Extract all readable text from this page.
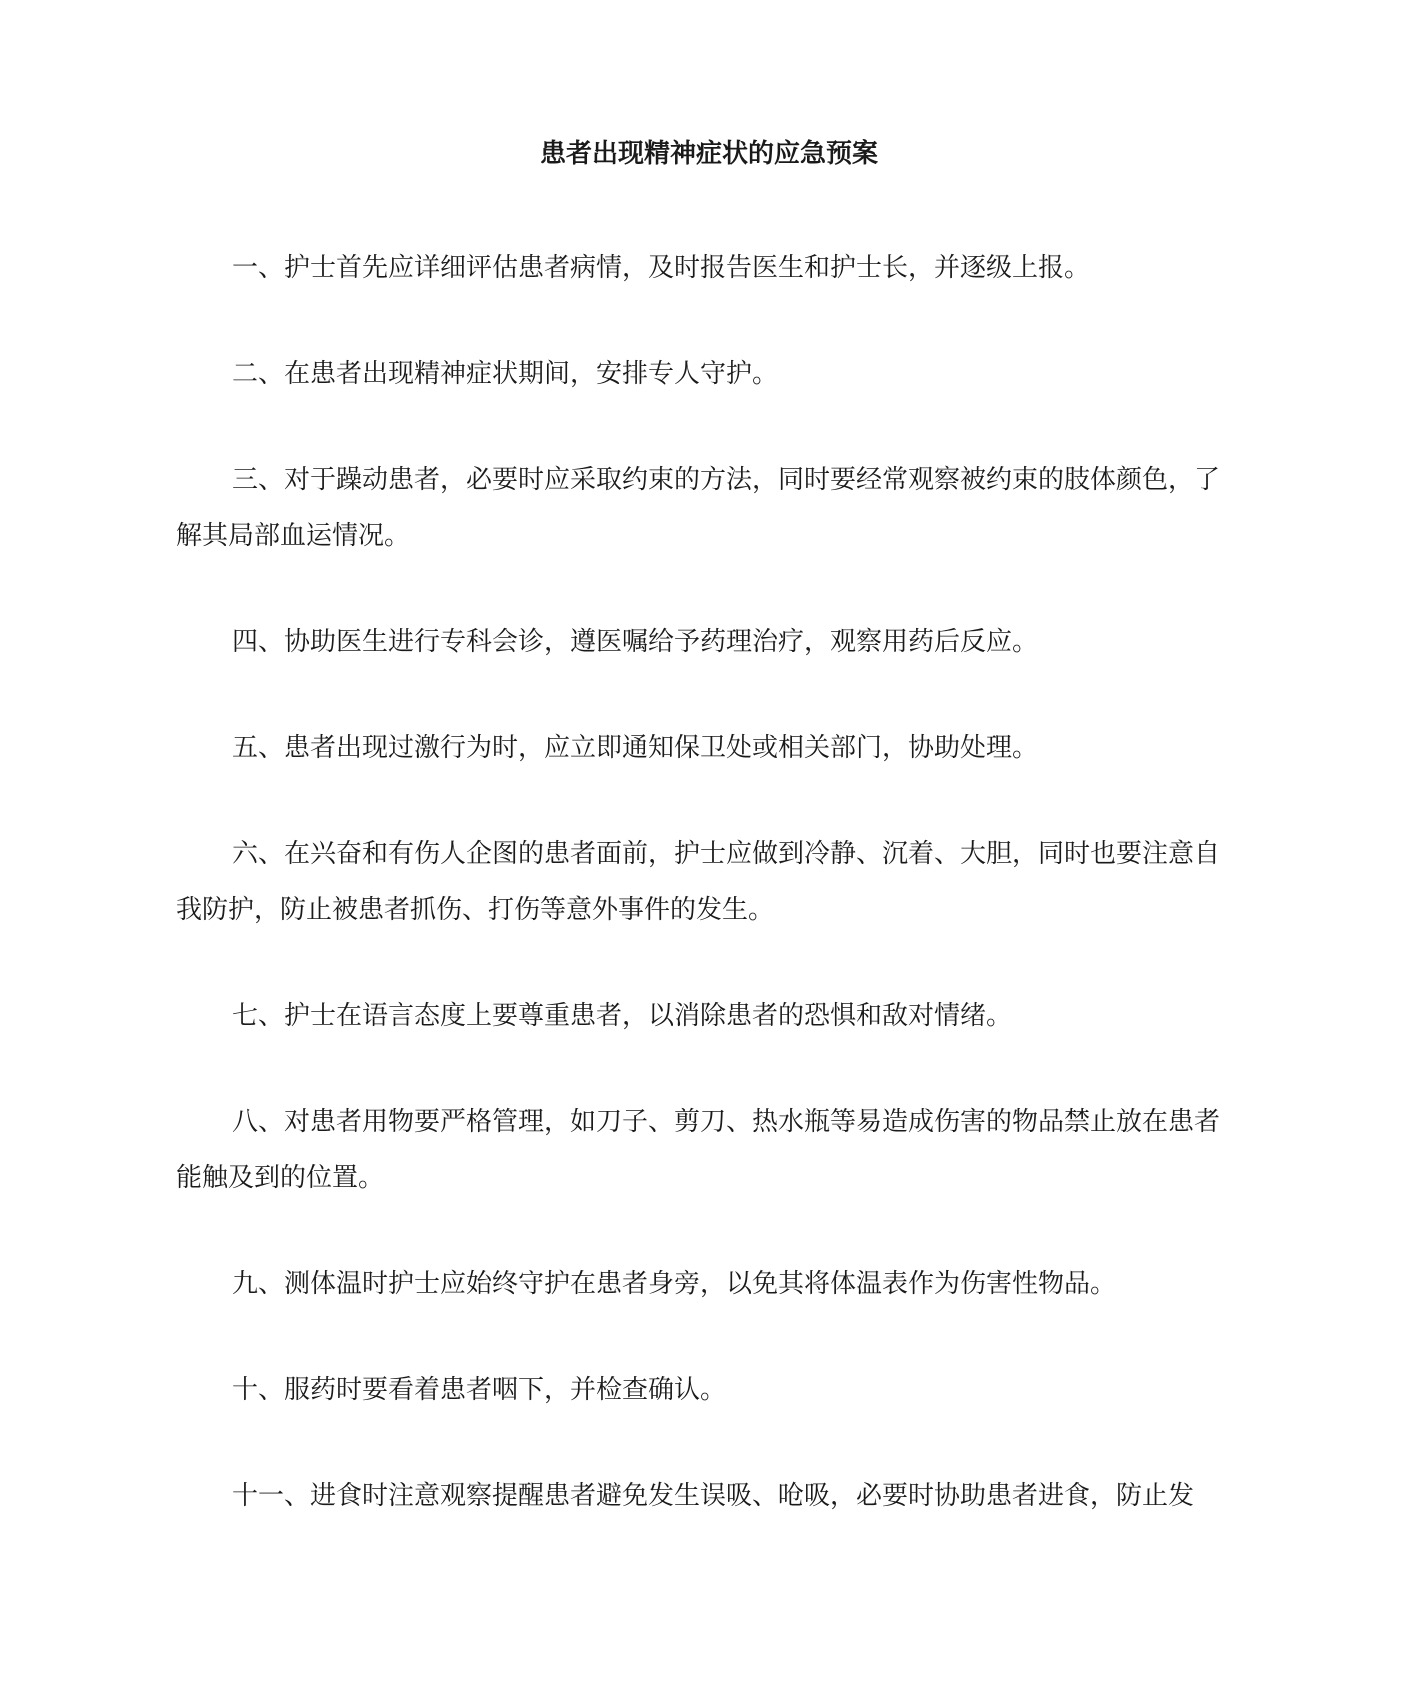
患者出现精神症状的应急预案

一、护士首先应详细评估患者病情，及时报告医生和护士长，并逐级上报。

二、在患者出现精神症状期间，安排专人守护。

三、对于躁动患者，必要时应采取约束的方法，同时要经常观察被约束的肢体颜色，了解其局部血运情况。

四、协助医生进行专科会诊，遵医嘱给予药理治疗，观察用药后反应。

五、患者出现过激行为时，应立即通知保卫处或相关部门，协助处理。

六、在兴奋和有伤人企图的患者面前，护士应做到冷静、沉着、大胆，同时也要注意自我防护，防止被患者抓伤、打伤等意外事件的发生。

七、护士在语言态度上要尊重患者，以消除患者的恐惧和敌对情绪。

八、对患者用物要严格管理，如刀子、剪刀、热水瓶等易造成伤害的物品禁止放在患者能触及到的位置。

九、测体温时护士应始终守护在患者身旁，以免其将体温表作为伤害性物品。

十、服药时要看着患者咽下，并检查确认。

十一、进食时注意观察提醒患者避免发生误吸、呛吸，必要时协助患者进食，防止发
